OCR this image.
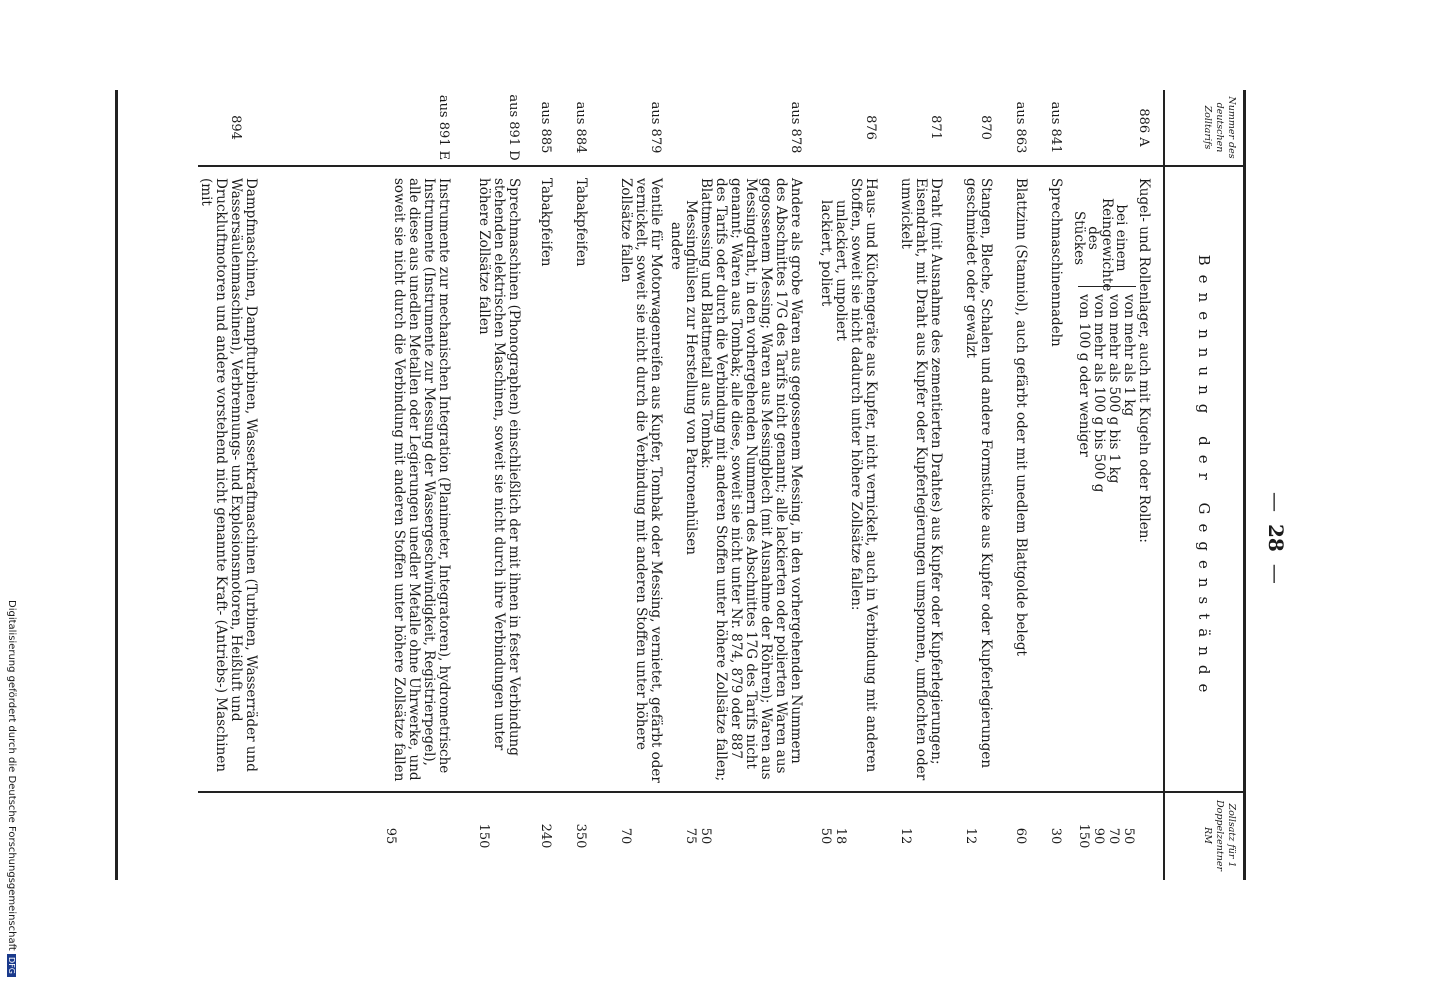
—28—
Nummer des deutschen Zolltarifs
Benennung der Gegenstände
Zollsatz für 1 Doppelzentner RM
886 A
Kugel- und Rollenlager, auch mit Kugeln oder Rollen:
bei einem Reingewichte des Stückes
von mehr als 1 kg
von mehr als 500 g bis 1 kg
von mehr als 100 g bis 500 g
von 100 g oder weniger
50
70
90
150
aus 841
Sprechmaschinennadeln
30
aus 863
Blattzinn (Stanniol), auch gefärbt oder mit unedlem Blattgolde belegt
60
870
Stangen, Bleche, Schalen und andere Formstücke aus Kupfer oder Kupferlegierungen geschmiedet oder gewalzt
12
871
Draht (mit Ausnahme des zementierten Drahtes) aus Kupfer oder Kupferlegierungen; Eisendraht, mit Draht aus Kupfer oder Kupferlegierungen umsponnen, umflochten oder umwickelt
12
876
Haus- und Küchengeräte aus Kupfer, nicht vernickelt, auch in Verbindung mit anderen Stoffen, soweit sie nicht dadurch unter höhere Zollsätze fallen:
unlackiert, unpoliert
lackiert, poliert
18
50
aus 878
Andere als grobe Waren aus gegossenem Messing, in den vorhergehenden Nummern des Abschnittes 17G des Tarifs nicht genannt; alle lackierten oder polierten Waren aus gegossenem Messing; Waren aus Messingblech (mit Ausnahme der Röhren); Waren aus Messingdraht, in den vorhergehenden Nummern des Abschnittes 17G des Tarifs nicht genannt; Waren aus Tombak; alle diese, soweit sie nicht unter Nr. 874, 879 oder 887 des Tarifs oder durch die Verbindung mit anderen Stoffen unter höhere Zollsätze fallen; Blattmessing und Blattmetall aus Tombak:
Messinghülsen zur Herstellung von Patronenhülsen
andere
50
75
aus 879
Ventile für Motorwagenreifen aus Kupfer, Tombak oder Messing, vernietet, gefärbt oder vernickelt, soweit sie nicht durch die Verbindung mit anderen Stoffen unter höhere Zollsätze fallen
70
aus 884
Tabakpfeifen
350
aus 885
Tabakpfeifen
240
aus 891 D
Sprechmaschinen (Phonographen) einschließlich der mit ihnen in fester Verbindung stehenden elektrischen Maschinen, soweit sie nicht durch ihre Verbindungen unter höhere Zollsätze fallen
150
aus 891 E
Instrumente zur mechanischen Integration (Planimeter, Integratoren), hydrometrische Instrumente (Instrumente zur Messung der Wassergeschwindigkeit, Registrierpegel), alle diese aus unedlen Metallen oder Legierungen unedler Metalle ohne Uhrwerke, und soweit sie nicht durch die Verbindung mit anderen Stoffen unter höhere Zollsätze fallen
95
894
Dampfmaschinen, Dampfturbinen, Wasserkraftmaschinen (Turbinen, Wasserräder und Wassersäulenmaschinen), Verbrennungs- und Explosionsmotoren, Heißluft und Druckluftmotoren und andere vorstehend nicht genannte Kraft- (Antriebs-) Maschinen (mit
Digitalisierung gefördert durch die Deutsche Forschungsgemeinschaft DFG
